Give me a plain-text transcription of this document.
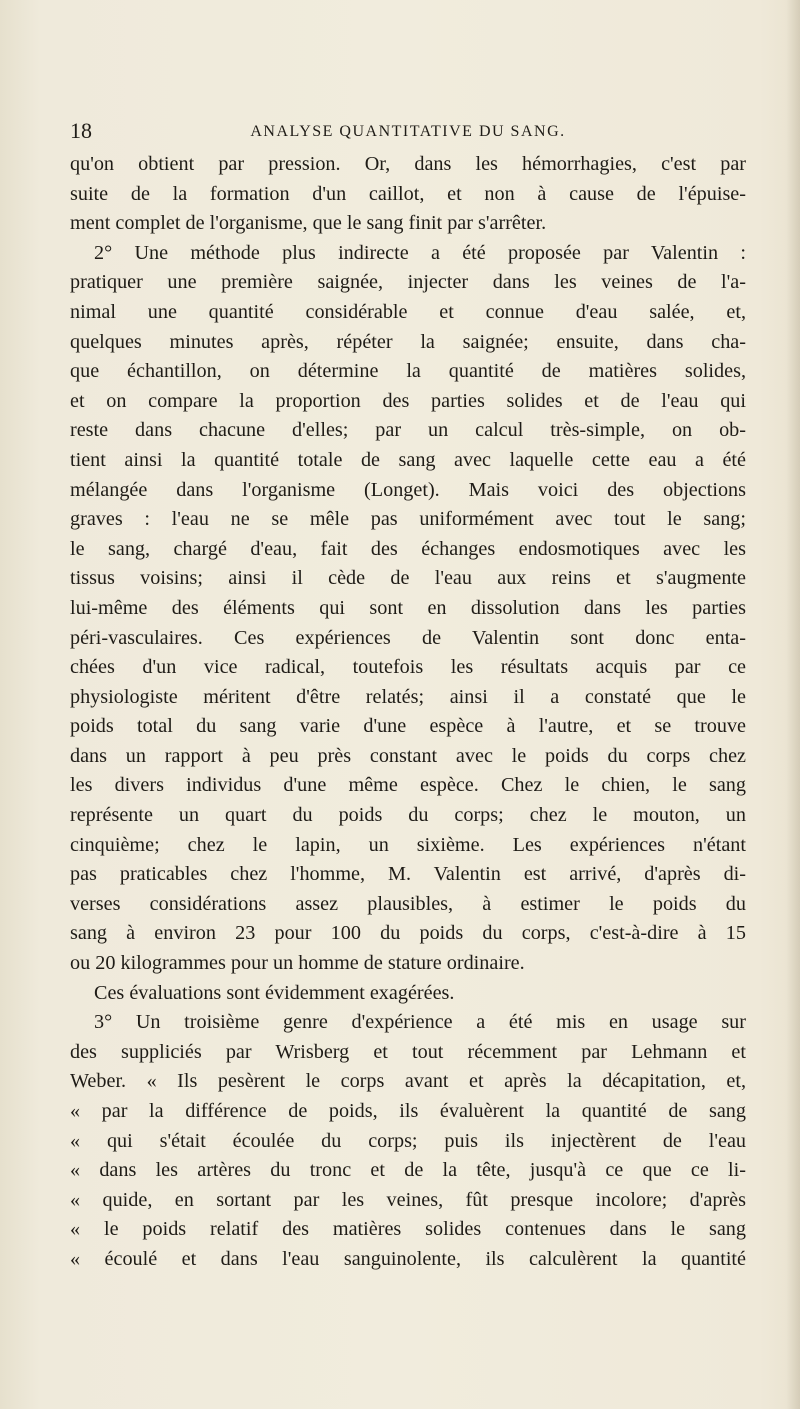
18	ANALYSE QUANTITATIVE DU SANG.
qu'on obtient par pression. Or, dans les hémorrhagies, c'est par
suite de la formation d'un caillot, et non à cause de l'épuise-
ment complet de l'organisme, que le sang finit par s'arrêter.
2° Une méthode plus indirecte a été proposée par Valentin :
pratiquer une première saignée, injecter dans les veines de l'a-
nimal une quantité considérable et connue d'eau salée, et,
quelques minutes après, répéter la saignée; ensuite, dans cha-
que échantillon, on détermine la quantité de matières solides,
et on compare la proportion des parties solides et de l'eau qui
reste dans chacune d'elles; par un calcul très-simple, on ob-
tient ainsi la quantité totale de sang avec laquelle cette eau a été
mélangée dans l'organisme (Longet). Mais voici des objections
graves : l'eau ne se mêle pas uniformément avec tout le sang;
le sang, chargé d'eau, fait des échanges endosmotiques avec les
tissus voisins; ainsi il cède de l'eau aux reins et s'augmente
lui-même des éléments qui sont en dissolution dans les parties
péri-vasculaires. Ces expériences de Valentin sont donc enta-
chées d'un vice radical, toutefois les résultats acquis par ce
physiologiste méritent d'être relatés; ainsi il a constaté que le
poids total du sang varie d'une espèce à l'autre, et se trouve
dans un rapport à peu près constant avec le poids du corps chez
les divers individus d'une même espèce. Chez le chien, le sang
représente un quart du poids du corps; chez le mouton, un
cinquième; chez le lapin, un sixième. Les expériences n'étant
pas praticables chez l'homme, M. Valentin est arrivé, d'après di-
verses considérations assez plausibles, à estimer le poids du
sang à environ 23 pour 100 du poids du corps, c'est-à-dire à 15
ou 20 kilogrammes pour un homme de stature ordinaire.
Ces évaluations sont évidemment exagérées.
3° Un troisième genre d'expérience a été mis en usage sur
des suppliciés par Wrisberg et tout récemment par Lehmann et
Weber. « Ils pesèrent le corps avant et après la décapitation, et,
« par la différence de poids, ils évaluèrent la quantité de sang
« qui s'était écoulée du corps; puis ils injectèrent de l'eau
« dans les artères du tronc et de la tête, jusqu'à ce que ce li-
« quide, en sortant par les veines, fût presque incolore; d'après
« le poids relatif des matières solides contenues dans le sang
« écoulé et dans l'eau sanguinolente, ils calculèrent la quantité
